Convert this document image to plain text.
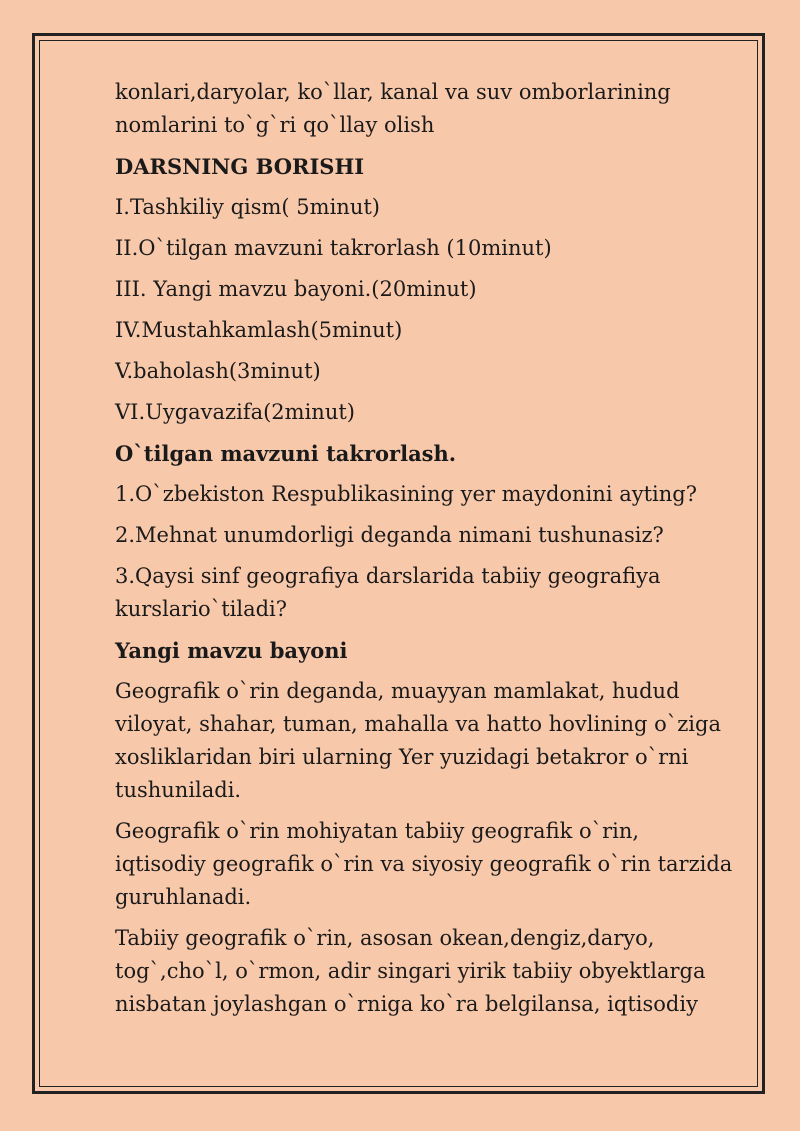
konlari,daryolar, ko`llar, kanal va suv omborlarining nomlarini to`g`ri qo`llay olish

DARSNING BORISHI

I.Tashkiliy qism( 5minut)

II.O`tilgan mavzuni takrorlash (10minut)

III. Yangi mavzu bayoni.(20minut)

IV.Mustahkamlash(5minut)

V.baholash(3minut)

VI.Uygavazifa(2minut)

O`tilgan mavzuni takrorlash.

1.O`zbekiston Respublikasining yer maydonini ayting?

2.Mehnat unumdorligi deganda nimani tushunasiz?

3.Qaysi sinf geografiya darslarida tabiiy geografiya kurslario`tiladi?

Yangi mavzu bayoni

Geografik o`rin deganda, muayyan mamlakat, hudud viloyat, shahar, tuman, mahalla va hatto hovlining o`ziga xosliklaridan biri ularning Yer yuzidagi betakror o`rni tushuniladi.

Geografik o`rin mohiyatan tabiiy geografik o`rin, iqtisodiy geografik o`rin va siyosiy geografik o`rin tarzida guruhlanadi.

Tabiiy geografik o`rin, asosan okean,dengiz,daryo, tog`,cho`l, o`rmon, adir singari yirik tabiiy obyektlarga nisbatan joylashgan o`rniga ko`ra belgilansa, iqtisodiy
